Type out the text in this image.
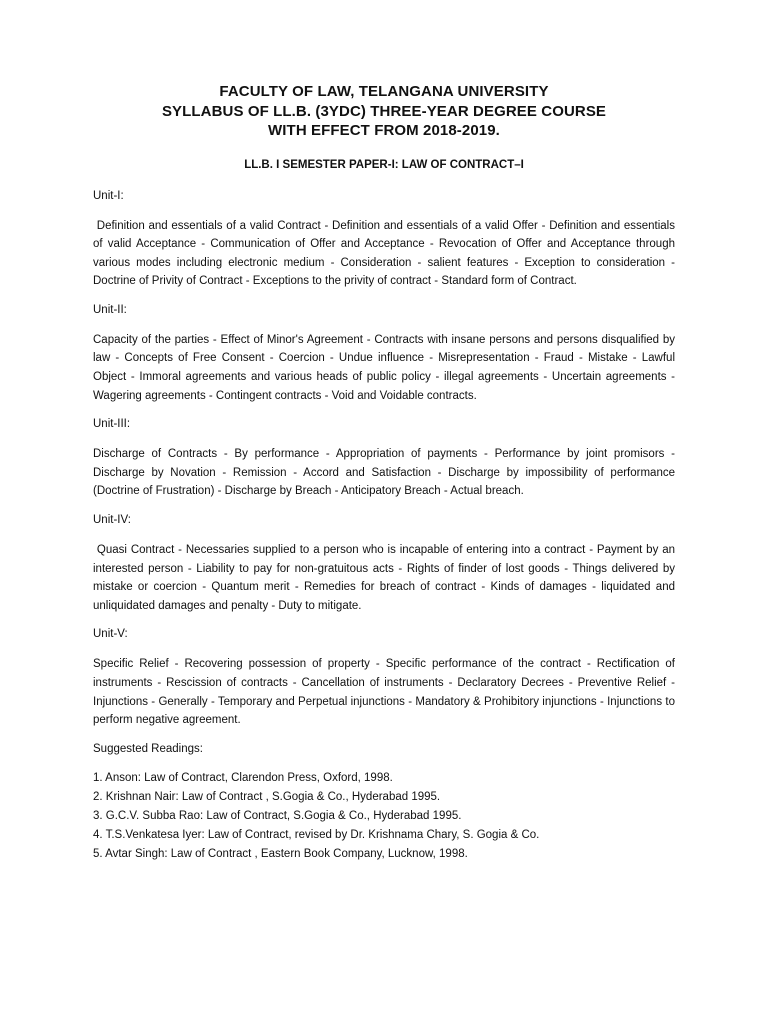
FACULTY OF LAW, TELANGANA UNIVERSITY
SYLLABUS OF LL.B. (3YDC) THREE-YEAR DEGREE COURSE
WITH EFFECT FROM 2018-2019.
LL.B. I SEMESTER PAPER-I: LAW OF CONTRACT–I
Unit-I:

Definition and essentials of a valid Contract - Definition and essentials of a valid Offer - Definition and essentials of valid Acceptance - Communication of Offer and Acceptance - Revocation of Offer and Acceptance through various modes including electronic medium - Consideration - salient features - Exception to consideration - Doctrine of Privity of Contract - Exceptions to the privity of contract - Standard form of Contract.

Unit-II:

Capacity of the parties - Effect of Minor's Agreement - Contracts with insane persons and persons disqualified by law - Concepts of Free Consent - Coercion - Undue influence - Misrepresentation - Fraud - Mistake - Lawful Object - Immoral agreements and various heads of public policy - illegal agreements - Uncertain agreements - Wagering agreements - Contingent contracts - Void and Voidable contracts.

Unit-III:

Discharge of Contracts - By performance - Appropriation of payments - Performance by joint promisors - Discharge by Novation - Remission - Accord and Satisfaction - Discharge by impossibility of performance (Doctrine of Frustration) - Discharge by Breach - Anticipatory Breach - Actual breach.

Unit-IV:

Quasi Contract - Necessaries supplied to a person who is incapable of entering into a contract - Payment by an interested person - Liability to pay for non-gratuitous acts - Rights of finder of lost goods - Things delivered by mistake or coercion - Quantum merit - Remedies for breach of contract - Kinds of damages - liquidated and unliquidated damages and penalty - Duty to mitigate.

Unit-V:

Specific Relief - Recovering possession of property - Specific performance of the contract - Rectification of instruments - Rescission of contracts - Cancellation of instruments - Declaratory Decrees - Preventive Relief - Injunctions - Generally - Temporary and Perpetual injunctions - Mandatory & Prohibitory injunctions - Injunctions to perform negative agreement.

Suggested Readings:
1. Anson: Law of Contract, Clarendon Press, Oxford, 1998.
2. Krishnan Nair: Law of Contract , S.Gogia & Co., Hyderabad 1995.
3. G.C.V. Subba Rao: Law of Contract, S.Gogia & Co., Hyderabad 1995.
4. T.S.Venkatesa Iyer: Law of Contract, revised by Dr. Krishnama Chary, S. Gogia & Co.
5. Avtar Singh: Law of Contract , Eastern Book Company, Lucknow, 1998.
